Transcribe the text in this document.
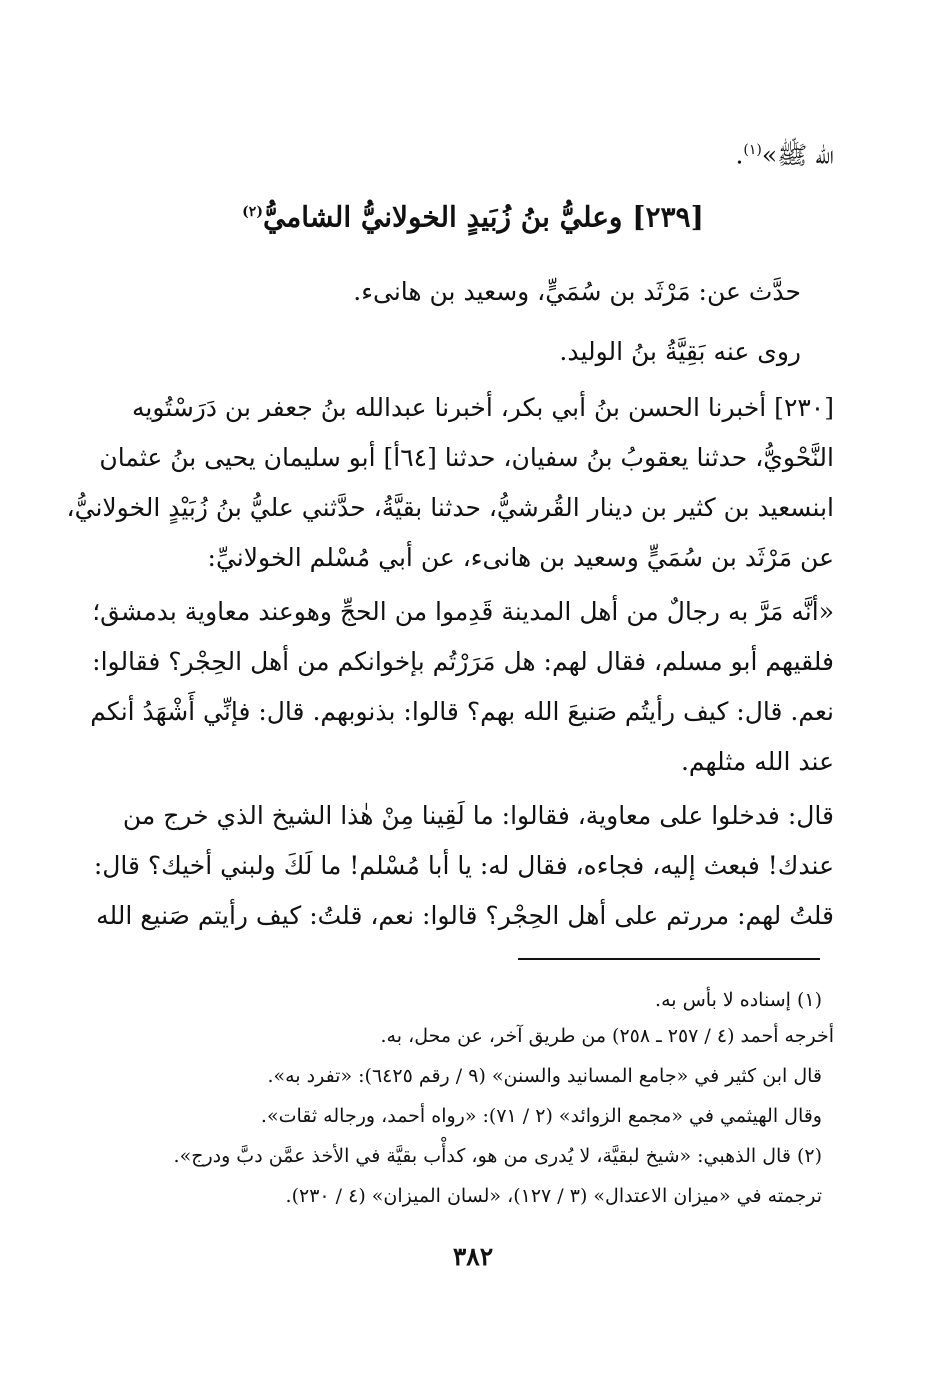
الله ﷺ»$^{(١)}$.
[٢٣٩] وعليُّ بنُ زُبَيدٍ الخولانيُّ الشاميُّ$^{(٢)}$
حدَّث عن: مَرْثَد بن سُمَيٍّ، وسعيد بن هانىء.
روى عنه بَقِيَّةُ بنُ الوليد.
[٢٣٠] أخبرنا الحسن بنُ أبي بكر، أخبرنا عبدالله بنُ جعفر بن دَرَسْتُويه
النَّحْويُّ، حدثنا يعقوبُ بنُ سفيان، حدثنا [٦٤أ] أبو سليمان يحيى بنُ عثمان
ابنسعيد بن كثير بن دينار القُرشيُّ، حدثنا بقيَّةُ، حدَّثني عليُّ بنُ زُبَيْدٍ الخولانيُّ،
عن مَرْثَد بن سُمَيٍّ وسعيد بن هانىء، عن أبي مُسْلم الخولانيِّ:
«أنَّه مَرَّ به رجالٌ من أهل المدينة قَدِموا من الحجِّ وهوعند معاوية بدمشق؛
فلقيهم أبو مسلم، فقال لهم: هل مَرَرْتُم بإخوانكم من أهل الحِجْر؟ فقالوا:
نعم. قال: كيف رأيتُم صَنيعَ الله بهم؟ قالوا: بذنوبهم. قال: فإنِّي أَشْهَدُ أنكم
عند الله مثلهم.
قال: فدخلوا على معاوية، فقالوا: ما لَقِينا مِنْ هٰذا الشيخ الذي خرج من
عندك! فبعث إليه، فجاءه، فقال له: يا أبا مُسْلم! ما لَكَ ولبني أخيك؟ قال:
قلتُ لهم: مررتم على أهل الحِجْر؟ قالوا: نعم، قلتُ: كيف رأيتم صَنيع الله
(١) إسناده لا بأس به.
أخرجه أحمد (٤ / ٢٥٧ ـ ٢٥٨) من طريق آخر، عن محل، به.
قال ابن كثير في «جامع المسانيد والسنن» (٩ / رقم ٦٤٢٥): «تفرد به».
وقال الهيثمي في «مجمع الزوائد» (٢ / ٧١): «رواه أحمد، ورجاله ثقات».
(٢) قال الذهبي: «شيخ لبقيَّة، لا يُدرى من هو، كدأْب بقيَّة في الأخذ عمَّن دبَّ ودرج».
ترجمته في «ميزان الاعتدال» (٣ / ١٢٧)، «لسان الميزان» (٤ / ٢٣٠).
٣٨٢
